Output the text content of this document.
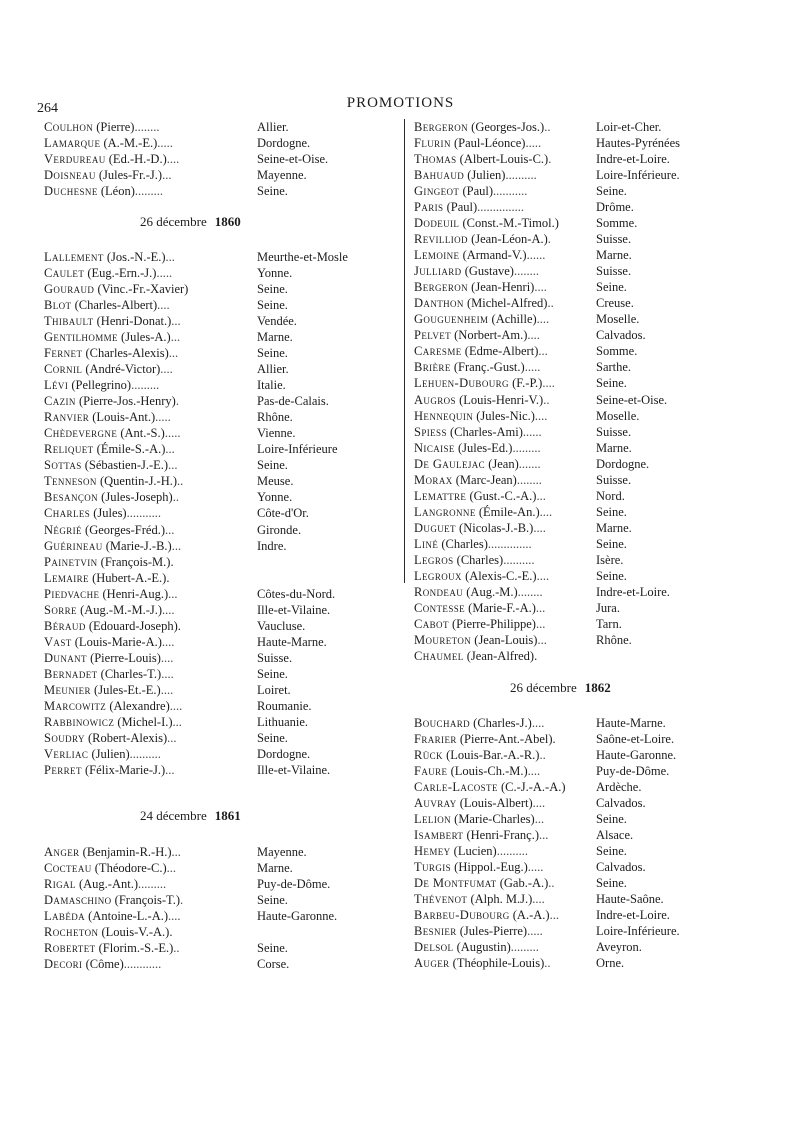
264	PROMOTIONS
Coulhon (Pierre)........	Allier.
Lamarque (A.-M.-E.).....	Dordogne.
Verdureau (Ed.-H.-D.)....	Seine-et-Oise.
Doisneau (Jules-Fr.-J.)...	Mayenne.
Duchesne (Léon).........	Seine.
26 décembre 1860
Lallement (Jos.-N.-E.)...	Meurthe-et-Mosle
Caulet (Eug.-Ern.-J.).....	Yonne.
Gouraud (Vinc.-Fr.-Xavier)	Seine.
Blot (Charles-Albert)....	Seine.
Thibault (Henri-Donat.)...	Vendée.
Gentilhomme (Jules-A.)...	Marne.
Fernet (Charles-Alexis)...	Seine.
Cornil (André-Victor)....	Allier.
Lévi (Pellegrino).........	Italie.
Cazin (Pierre-Jos.-Henry).	Pas-de-Calais.
Ranvier (Louis-Ant.).....	Rhône.
Chèdevergne (Ant.-S.).....	Vienne.
Reliquet (Émile-S.-A.)...	Loire-Inférieure
Sottas (Sébastien-J.-E.)...	Seine.
Tenneson (Quentin-J.-H.)..	Meuse.
Besançon (Jules-Joseph)..	Yonne.
Charles (Jules)...........	Côte-d'Or.
Négrié (Georges-Fréd.)...	Gironde.
Guérineau (Marie-J.-B.)...	Indre.
Painetvin (François-M.).
Lemaire (Hubert-A.-E.).
Piedvache (Henri-Aug.)...	Côtes-du-Nord.
Sorre (Aug.-M.-M.-J.)....	Ille-et-Vilaine.
Béraud (Edouard-Joseph).	Vaucluse.
Vast (Louis-Marie-A.)....	Haute-Marne.
Dunant (Pierre-Louis)....	Suisse.
Bernadet (Charles-T.)....	Seine.
Meunier (Jules-Et.-E.)....	Loiret.
Marcowitz (Alexandre)....	Roumanie.
Rabbinowicz (Michel-I.)...	Lithuanie.
Soudry (Robert-Alexis)...	Seine.
Verliac (Julien)..........	Dordogne.
Perret (Félix-Marie-J.)...	Ille-et-Vilaine.
24 décembre 1861
Anger (Benjamin-R.-H.)...	Mayenne.
Cocteau (Théodore-C.)...	Marne.
Rigal (Aug.-Ant.).........	Puy-de-Dôme.
Damaschino (François-T.).	Seine.
Labéda (Antoine-L.-A.)....	Haute-Garonne.
Rocheton (Louis-V.-A.).
Robertet (Florim.-S.-E.)..	Seine.
Decori (Côme)............	Corse.
Bergeron (Georges-Jos.)..	Loir-et-Cher.
Flurin (Paul-Léonce).....	Hautes-Pyrénées
Thomas (Albert-Louis-C.).	Indre-et-Loire.
Bahuaud (Julien)..........	Loire-Inférieure.
Gingeot (Paul)...........	Seine.
Paris (Paul)...............	Drôme.
Dodeuil (Const.-M.-Timol.)	Somme.
Revilliod (Jean-Léon-A.).	Suisse.
Lemoine (Armand-V.)......	Marne.
Julliard (Gustave)........	Suisse.
Bergeron (Jean-Henri)....	Seine.
Danthon (Michel-Alfred)..	Creuse.
Gouguenheim (Achille)....	Moselle.
Pelvet (Norbert-Am.)....	Calvados.
Caresme (Edme-Albert)...	Somme.
Brière (Franç.-Gust.).....	Sarthe.
Lehuen-Dubourg (F.-P.)....	Seine.
Augros (Louis-Henri-V.)..	Seine-et-Oise.
Hennequin (Jules-Nic.)....	Moselle.
Spiess (Charles-Ami)......	Suisse.
Nicaise (Jules-Ed.).........	Marne.
De Gaulejac (Jean).......	Dordogne.
Morax (Marc-Jean)........	Suisse.
Lemattre (Gust.-C.-A.)...	Nord.
Langronne (Émile-An.)....	Seine.
Duguet (Nicolas-J.-B.)....	Marne.
Liné (Charles)..............	Seine.
Legros (Charles)..........	Isère.
Legroux (Alexis-C.-E.)....	Seine.
Rondeau (Aug.-M.)........	Indre-et-Loire.
Contesse (Marie-F.-A.)...	Jura.
Cabot (Pierre-Philippe)...	Tarn.
Moureton (Jean-Louis)...	Rhône.
Chaumel (Jean-Alfred).
26 décembre 1862
Bouchard (Charles-J.)....	Haute-Marne.
Frarier (Pierre-Ant.-Abel).	Saône-et-Loire.
Rück (Louis-Bar.-A.-R.)..	Haute-Garonne.
Faure (Louis-Ch.-M.)....	Puy-de-Dôme.
Carle-Lacoste (C.-J.-A.-A.) Ardèche.
Auvray (Louis-Albert)....	Calvados.
Lelion (Marie-Charles)...	Seine.
Isambert (Henri-Franç.)...	Alsace.
Hemey (Lucien)..........	Seine.
Turgis (Hippol.-Eug.).....	Calvados.
De Montfumat (Gab.-A.)..	Seine.
Thévenot (Alph. M.J.)....	Haute-Saône.
Barbeu-Dubourg (A.-A.)...	Indre-et-Loire.
Besnier (Jules-Pierre).....	Loire-Inférieure.
Delsol (Augustin).........	Aveyron.
Auger (Théophile-Louis)..	Orne.
